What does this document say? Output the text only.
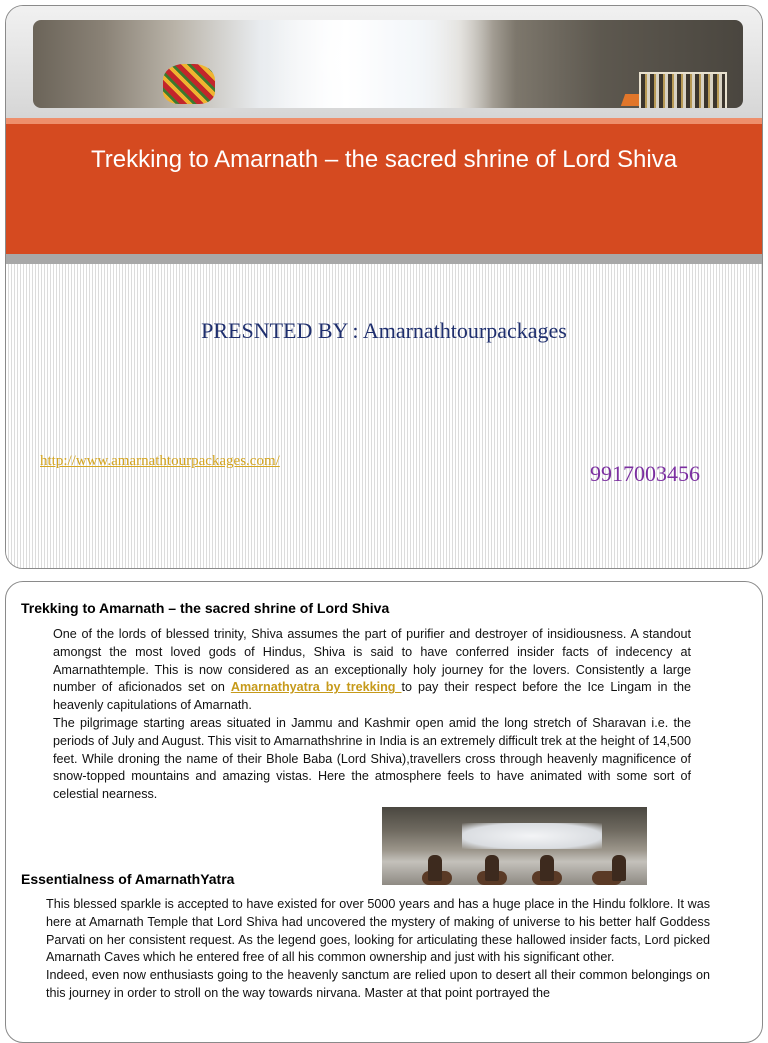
Trekking to Amarnath – the sacred shrine of Lord Shiva
PRESNTED BY : Amarnathtourpackages
http://www.amarnathtourpackages.com/	9917003456
Trekking to Amarnath – the sacred shrine of Lord Shiva
One of the lords of blessed trinity, Shiva assumes the part of purifier and destroyer of insidiousness. A standout amongst the most loved gods of Hindus, Shiva is said to have conferred insider facts of indecency at Amarnathtemple. This is now considered as an exceptionally holy journey for the lovers. Consistently a large number of aficionados set on Amarnathyatra by trekking to pay their respect before the Ice Lingam in the heavenly capitulations of Amarnath.
The pilgrimage starting areas situated in Jammu and Kashmir open amid the long stretch of Sharavan i.e. the periods of July and August. This visit to Amarnathshrine in India is an extremely difficult trek at the height of 14,500 feet. While droning the name of their Bhole Baba (Lord Shiva),travellers cross through heavenly magnificence of snow-topped mountains and amazing vistas. Here the atmosphere feels to have animated with some sort of celestial nearness.
Essentialness of AmarnathYatra
This blessed sparkle is accepted to have existed for over 5000 years and has a huge place in the Hindu folklore. It was here at Amarnath Temple that Lord Shiva had uncovered the mystery of making of universe to his better half Goddess Parvati on her consistent request. As the legend goes, looking for articulating these hallowed insider facts, Lord picked Amarnath Caves which he entered free of all his common ownership and just with his significant other.
Indeed, even now enthusiasts going to the heavenly sanctum are relied upon to desert all their common belongings on this journey in order to stroll on the way towards nirvana. Master at that point portrayed the
